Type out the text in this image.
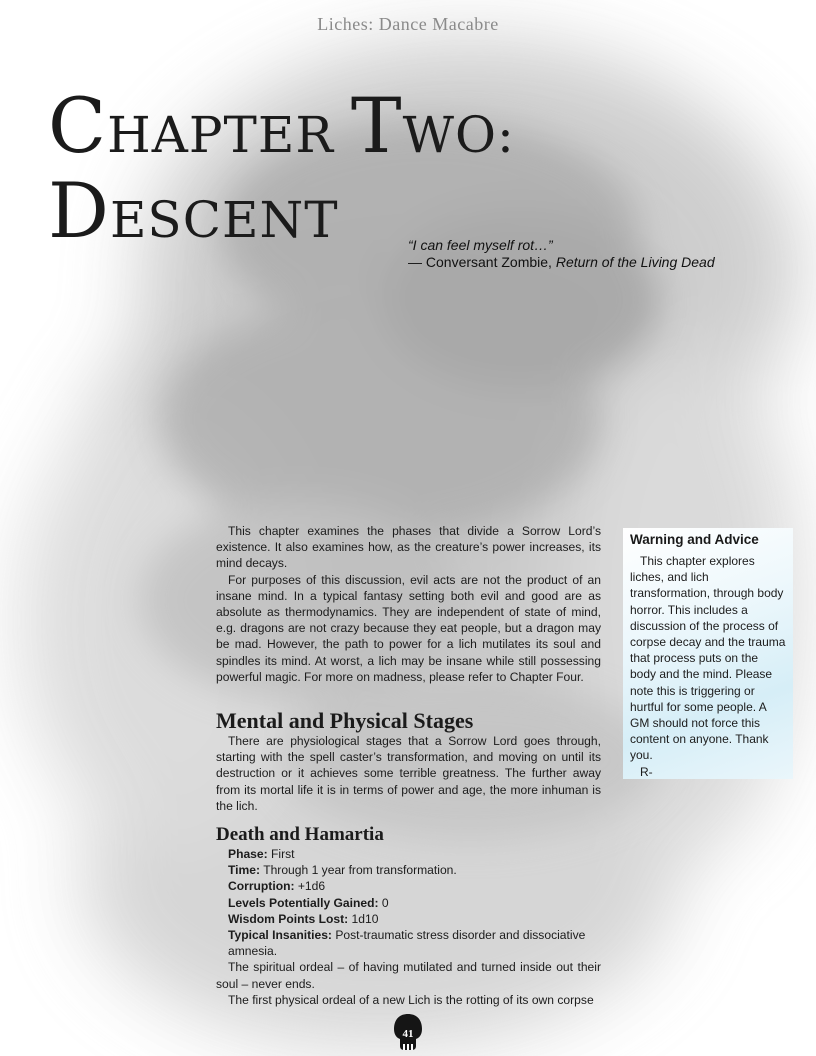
Liches: Dance Macabre
CHAPTER TWO:
DESCENT	“I can feel myself rot…”
— Conversant Zombie, Return of the Living Dead

This chapter examines the phases that divide a Sorrow Lord’s existence. It also examines how, as the creature’s power increases, its mind decays.

For purposes of this discussion, evil acts are not the product of an insane mind. In a typical fantasy setting both evil and good are as absolute as thermodynamics. They are independent of state of mind, e.g. dragons are not crazy because they eat people, but a dragon may be mad. However, the path to power for a lich mutilates its soul and spindles its mind. At worst, a lich may be insane while still possessing powerful magic. For more on madness, please refer to Chapter Four.

Mental and Physical Stages

There are physiological stages that a Sorrow Lord goes through, starting with the spell caster’s transformation, and moving on until its destruction or it achieves some terrible greatness. The further away from its mortal life it is in terms of power and age, the more inhuman is the lich.

Death and Hamartia
Phase: First
Time: Through 1 year from transformation.
Corruption: +1d6
Levels Potentially Gained: 0
Wisdom Points Lost: 1d10
Typical Insanities: Post-traumatic stress disorder and dissociative amnesia.

The spiritual ordeal – of having mutilated and turned inside out their soul – never ends.

The first physical ordeal of a new Lich is the rotting of its own corpse

Warning and Advice

This chapter explores liches, and lich transformation, through body horror. This includes a discussion of the process of corpse decay and the trauma that process puts on the body and the mind. Please note this is triggering or hurtful for some people. A GM should not force this content on anyone. Thank you.

R-

41
